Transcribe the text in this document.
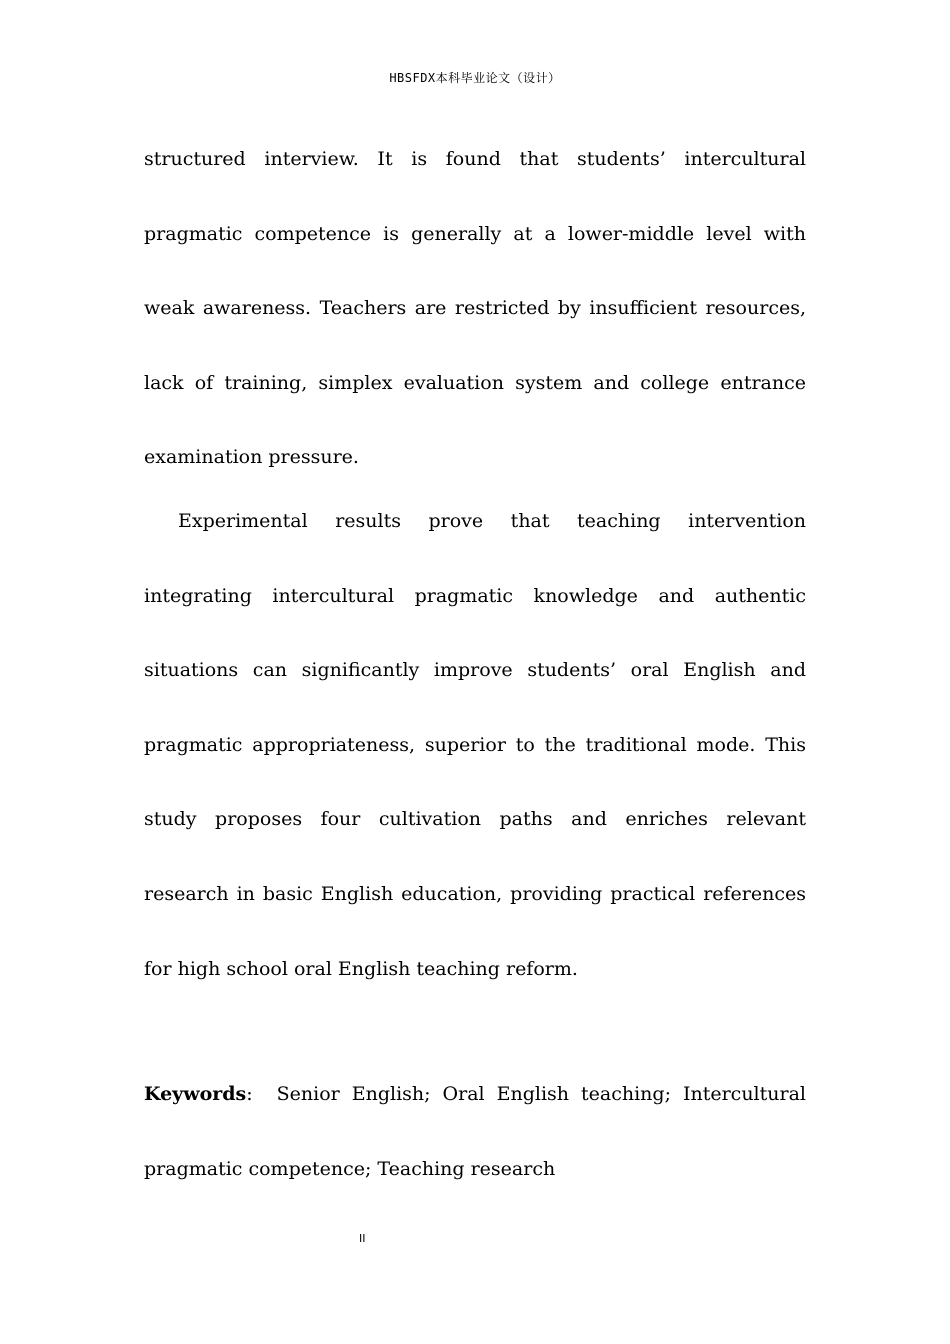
HBSFDX本科毕业论文（设计）

structured interview. It is found that students’ intercultural pragmatic competence is generally at a lower-middle level with weak awareness. Teachers are restricted by insufficient resources, lack of training, simplex evaluation system and college entrance examination pressure.

Experimental results prove that teaching intervention integrating intercultural pragmatic knowledge and authentic situations can significantly improve students’ oral English and pragmatic appropriateness, superior to the traditional mode. This study proposes four cultivation paths and enriches relevant research in basic English education, providing practical references for high school oral English teaching reform.

Keywords: Senior English; Oral English teaching; Intercultural pragmatic competence; Teaching research

II
